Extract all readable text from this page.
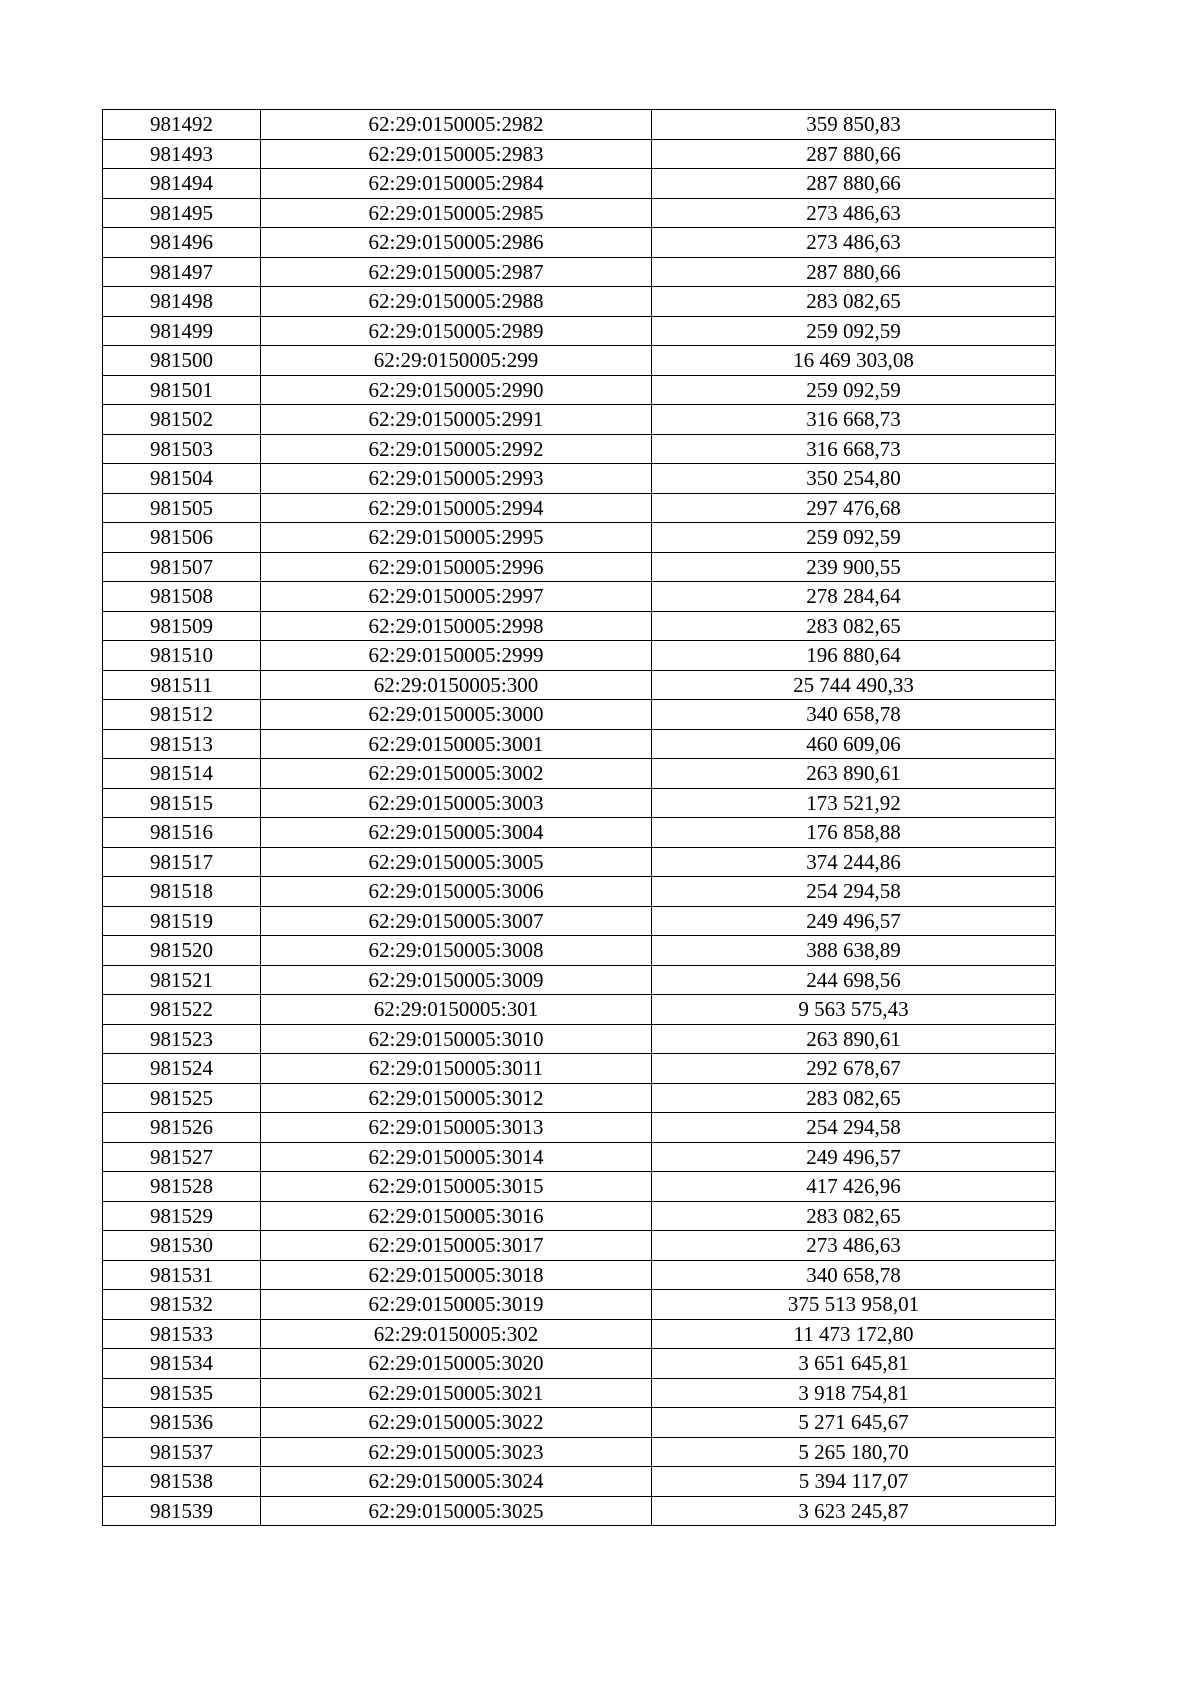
981492	62:29:0150005:2982	359 850,83
981493	62:29:0150005:2983	287 880,66
981494	62:29:0150005:2984	287 880,66
981495	62:29:0150005:2985	273 486,63
981496	62:29:0150005:2986	273 486,63
981497	62:29:0150005:2987	287 880,66
981498	62:29:0150005:2988	283 082,65
981499	62:29:0150005:2989	259 092,59
981500	62:29:0150005:299	16 469 303,08
981501	62:29:0150005:2990	259 092,59
981502	62:29:0150005:2991	316 668,73
981503	62:29:0150005:2992	316 668,73
981504	62:29:0150005:2993	350 254,80
981505	62:29:0150005:2994	297 476,68
981506	62:29:0150005:2995	259 092,59
981507	62:29:0150005:2996	239 900,55
981508	62:29:0150005:2997	278 284,64
981509	62:29:0150005:2998	283 082,65
981510	62:29:0150005:2999	196 880,64
981511	62:29:0150005:300	25 744 490,33
981512	62:29:0150005:3000	340 658,78
981513	62:29:0150005:3001	460 609,06
981514	62:29:0150005:3002	263 890,61
981515	62:29:0150005:3003	173 521,92
981516	62:29:0150005:3004	176 858,88
981517	62:29:0150005:3005	374 244,86
981518	62:29:0150005:3006	254 294,58
981519	62:29:0150005:3007	249 496,57
981520	62:29:0150005:3008	388 638,89
981521	62:29:0150005:3009	244 698,56
981522	62:29:0150005:301	9 563 575,43
981523	62:29:0150005:3010	263 890,61
981524	62:29:0150005:3011	292 678,67
981525	62:29:0150005:3012	283 082,65
981526	62:29:0150005:3013	254 294,58
981527	62:29:0150005:3014	249 496,57
981528	62:29:0150005:3015	417 426,96
981529	62:29:0150005:3016	283 082,65
981530	62:29:0150005:3017	273 486,63
981531	62:29:0150005:3018	340 658,78
981532	62:29:0150005:3019	375 513 958,01
981533	62:29:0150005:302	11 473 172,80
981534	62:29:0150005:3020	3 651 645,81
981535	62:29:0150005:3021	3 918 754,81
981536	62:29:0150005:3022	5 271 645,67
981537	62:29:0150005:3023	5 265 180,70
981538	62:29:0150005:3024	5 394 117,07
981539	62:29:0150005:3025	3 623 245,87
